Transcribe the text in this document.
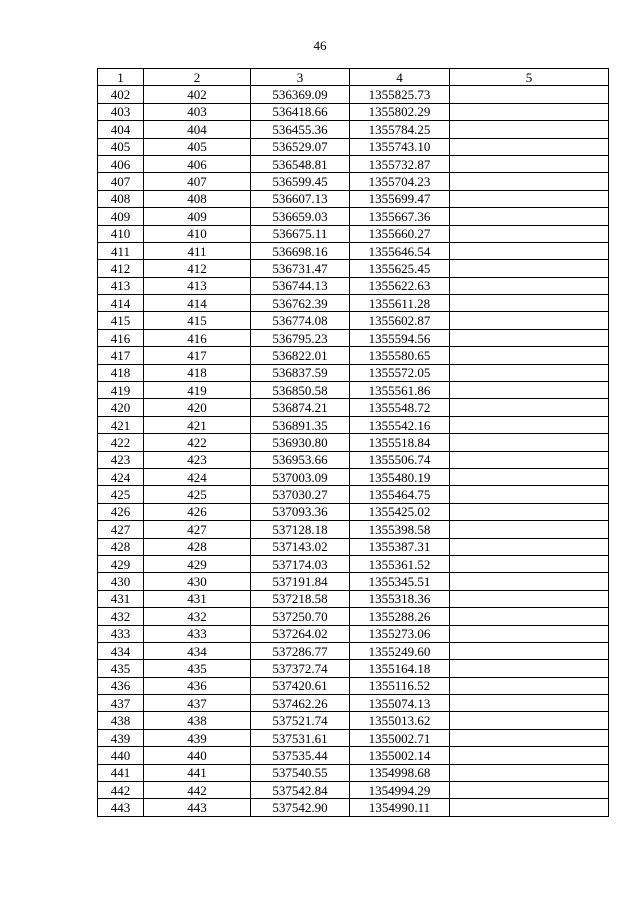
46
1	2	3	4	5
402	402	536369.09	1355825.73	
403	403	536418.66	1355802.29	
404	404	536455.36	1355784.25	
405	405	536529.07	1355743.10	
406	406	536548.81	1355732.87	
407	407	536599.45	1355704.23	
408	408	536607.13	1355699.47	
409	409	536659.03	1355667.36	
410	410	536675.11	1355660.27	
411	411	536698.16	1355646.54	
412	412	536731.47	1355625.45	
413	413	536744.13	1355622.63	
414	414	536762.39	1355611.28	
415	415	536774.08	1355602.87	
416	416	536795.23	1355594.56	
417	417	536822.01	1355580.65	
418	418	536837.59	1355572.05	
419	419	536850.58	1355561.86	
420	420	536874.21	1355548.72	
421	421	536891.35	1355542.16	
422	422	536930.80	1355518.84	
423	423	536953.66	1355506.74	
424	424	537003.09	1355480.19	
425	425	537030.27	1355464.75	
426	426	537093.36	1355425.02	
427	427	537128.18	1355398.58	
428	428	537143.02	1355387.31	
429	429	537174.03	1355361.52	
430	430	537191.84	1355345.51	
431	431	537218.58	1355318.36	
432	432	537250.70	1355288.26	
433	433	537264.02	1355273.06	
434	434	537286.77	1355249.60	
435	435	537372.74	1355164.18	
436	436	537420.61	1355116.52	
437	437	537462.26	1355074.13	
438	438	537521.74	1355013.62	
439	439	537531.61	1355002.71	
440	440	537535.44	1355002.14	
441	441	537540.55	1354998.68	
442	442	537542.84	1354994.29	
443	443	537542.90	1354990.11	
